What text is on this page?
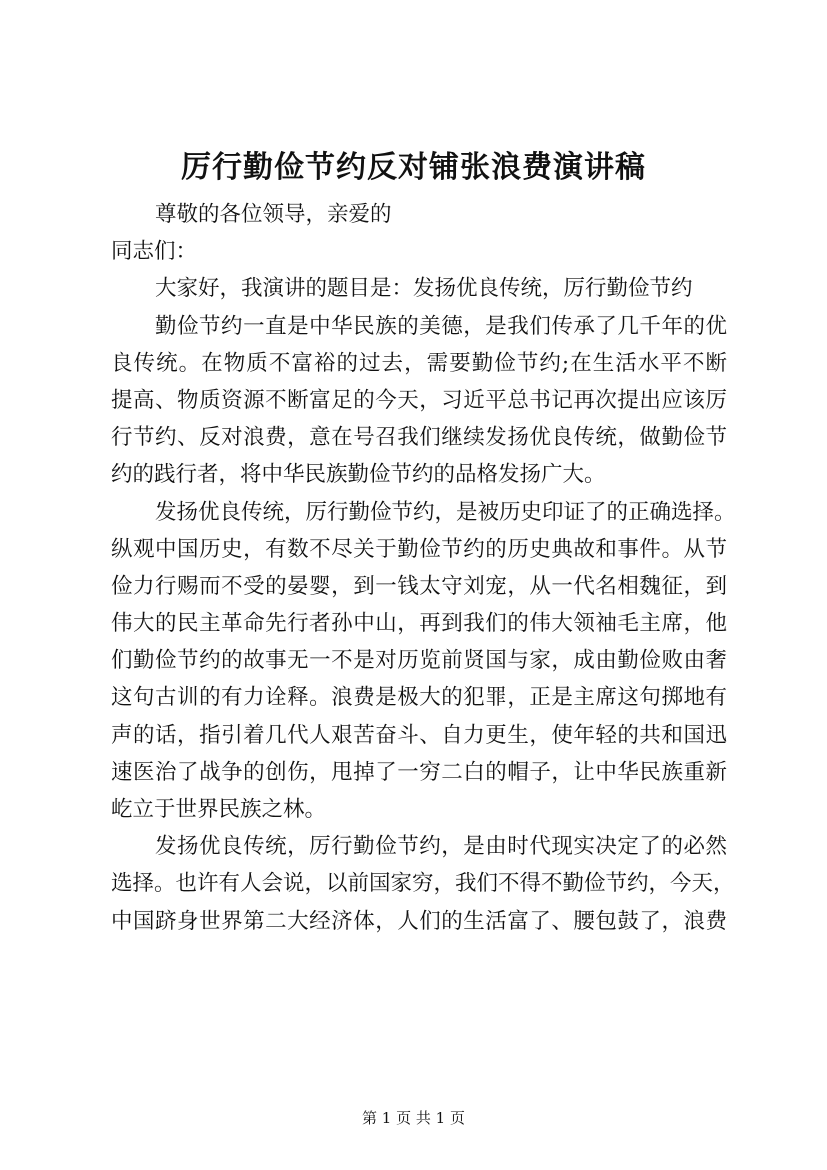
厉行勤俭节约反对铺张浪费演讲稿
尊敬的各位领导，亲爱的
同志们：
大家好，我演讲的题目是：发扬优良传统，厉行勤俭节约
勤俭节约一直是中华民族的美德，是我们传承了几千年的优
良传统。在物质不富裕的过去，需要勤俭节约;在生活水平不断
提高、物质资源不断富足的今天，习近平总书记再次提出应该厉
行节约、反对浪费，意在号召我们继续发扬优良传统，做勤俭节
约的践行者，将中华民族勤俭节约的品格发扬广大。
发扬优良传统，厉行勤俭节约，是被历史印证了的正确选择。
纵观中国历史，有数不尽关于勤俭节约的历史典故和事件。从节
俭力行赐而不受的晏婴，到一钱太守刘宠，从一代名相魏征，到
伟大的民主革命先行者孙中山，再到我们的伟大领袖毛主席，他
们勤俭节约的故事无一不是对历览前贤国与家，成由勤俭败由奢
这句古训的有力诠释。浪费是极大的犯罪，正是主席这句掷地有
声的话，指引着几代人艰苦奋斗、自力更生，使年轻的共和国迅
速医治了战争的创伤，甩掉了一穷二白的帽子，让中华民族重新
屹立于世界民族之林。
发扬优良传统，厉行勤俭节约，是由时代现实决定了的必然
选择。也许有人会说，以前国家穷，我们不得不勤俭节约，今天，
中国跻身世界第二大经济体，人们的生活富了、腰包鼓了，浪费
第 1 页 共 1 页
